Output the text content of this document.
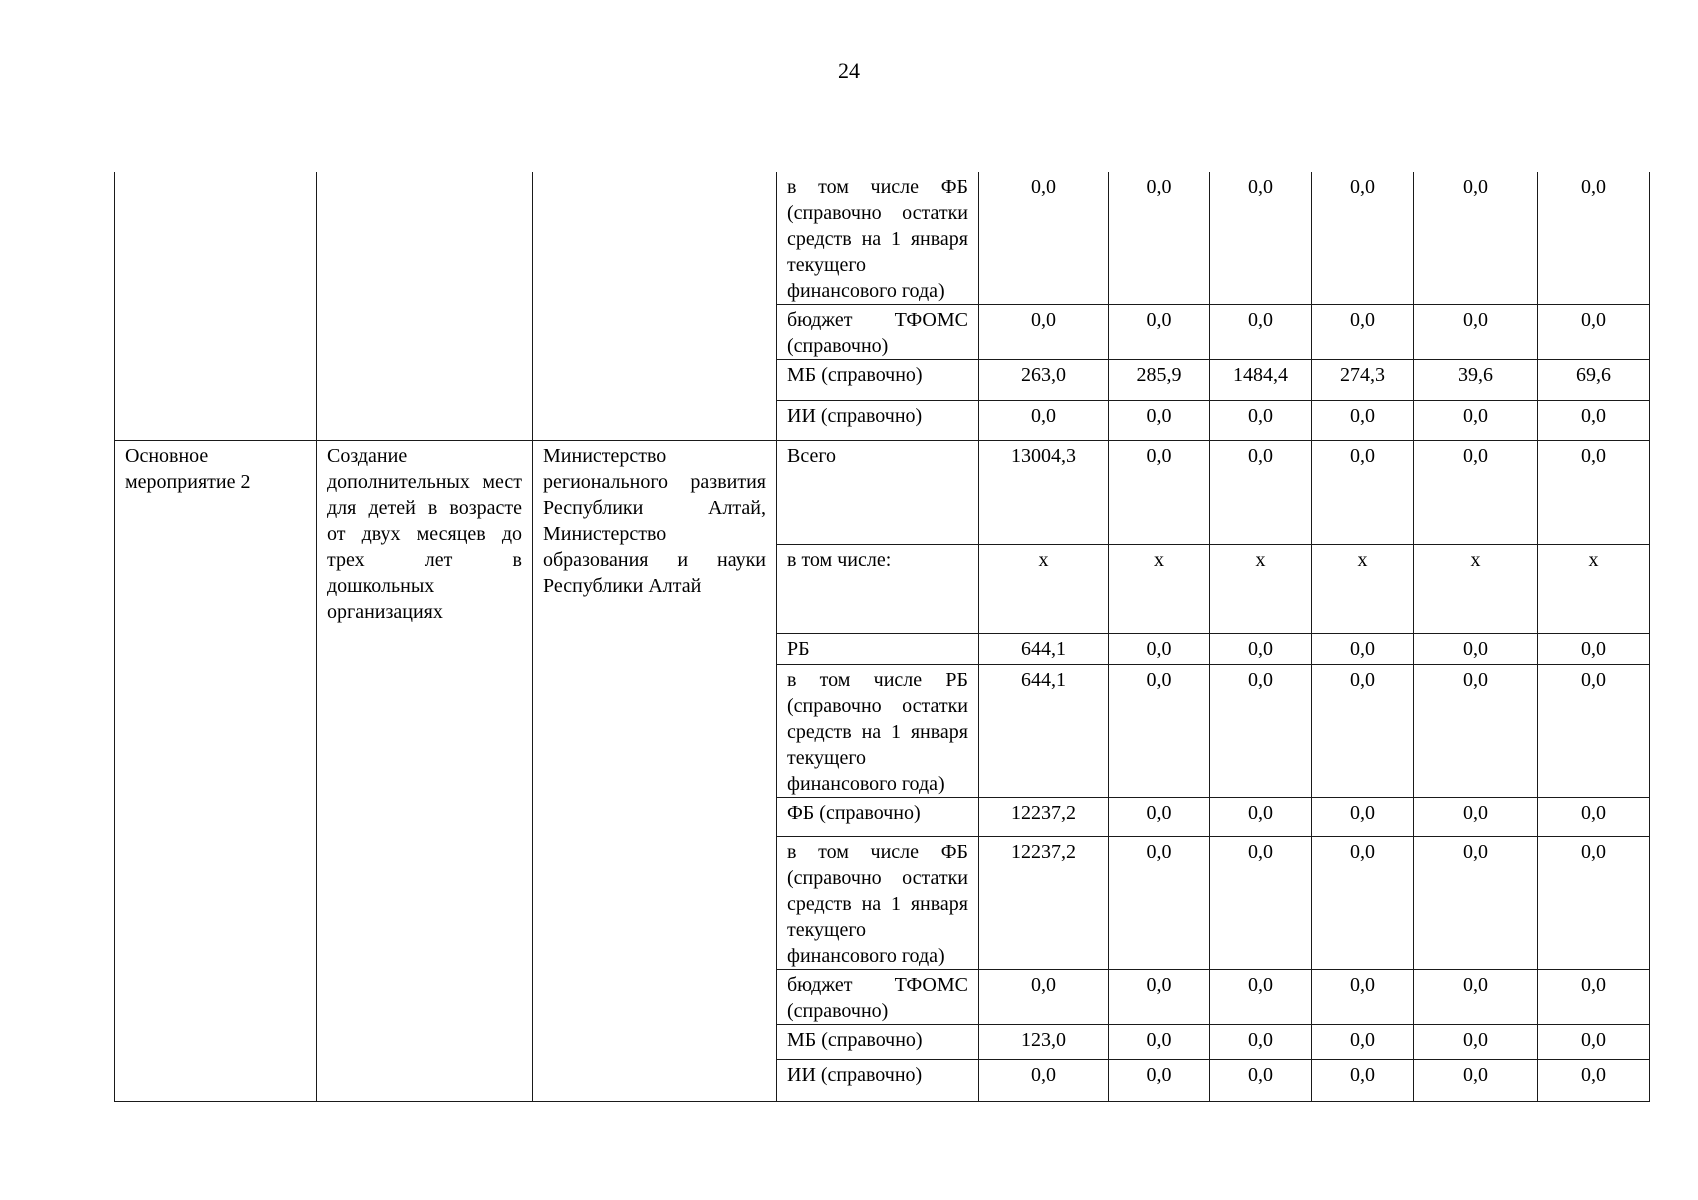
24
			в том числе ФБ (справочно остатки средств на 1 января текущего финансового года)	0,0	0,0	0,0	0,0	0,0	0,0
			бюджет ТФОМС (справочно)	0,0	0,0	0,0	0,0	0,0	0,0
			МБ (справочно)	263,0	285,9	1484,4	274,3	39,6	69,6
			ИИ (справочно)	0,0	0,0	0,0	0,0	0,0	0,0
Основное мероприятие 2	Создание дополнительных мест для детей в возрасте от двух месяцев до трех лет в дошкольных организациях	Министерство регионального развития Республики Алтай, Министерство образования и науки Республики Алтай	Всего	13004,3	0,0	0,0	0,0	0,0	0,0
			в том числе:	х	х	х	х	х	х
			РБ	644,1	0,0	0,0	0,0	0,0	0,0
			в том числе РБ (справочно остатки средств на 1 января текущего финансового года)	644,1	0,0	0,0	0,0	0,0	0,0
			ФБ (справочно)	12237,2	0,0	0,0	0,0	0,0	0,0
			в том числе ФБ (справочно остатки средств на 1 января текущего финансового года)	12237,2	0,0	0,0	0,0	0,0	0,0
			бюджет ТФОМС (справочно)	0,0	0,0	0,0	0,0	0,0	0,0
			МБ (справочно)	123,0	0,0	0,0	0,0	0,0	0,0
			ИИ (справочно)	0,0	0,0	0,0	0,0	0,0	0,0
